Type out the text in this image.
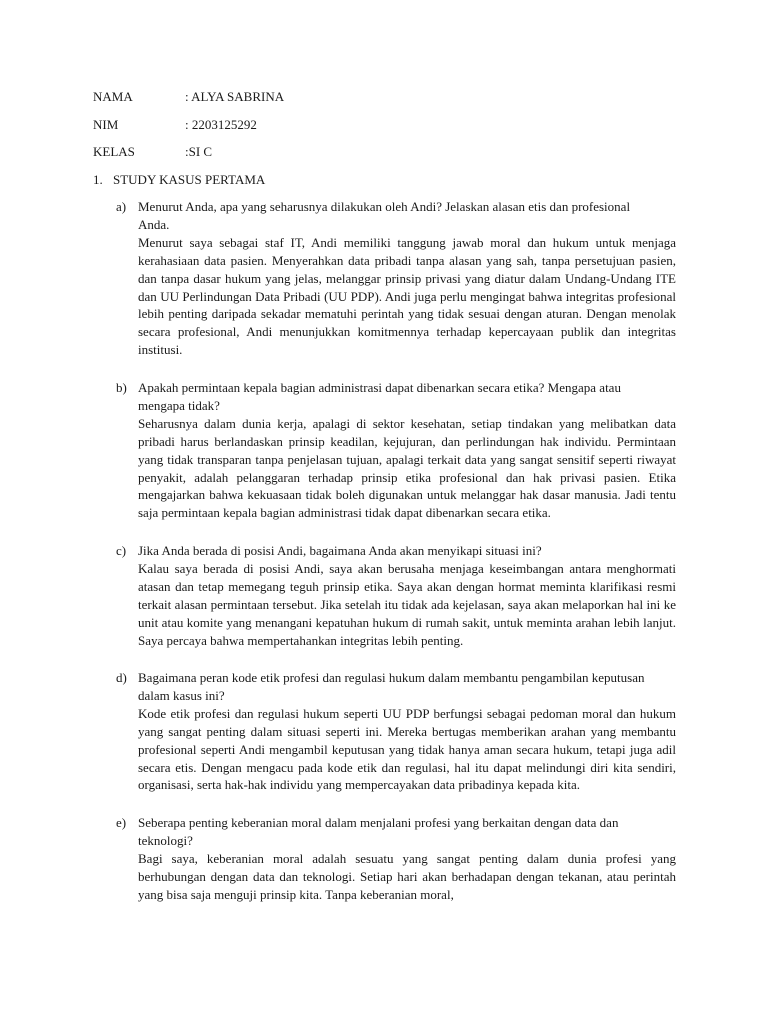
NAMA	: ALYA SABRINA
NIM	: 2203125292
KELAS	:SI C
1. STUDY KASUS PERTAMA
a) Menurut Anda, apa yang seharusnya dilakukan oleh Andi? Jelaskan alasan etis dan profesional Anda.
Menurut saya sebagai staf IT, Andi memiliki tanggung jawab moral dan hukum untuk menjaga kerahasiaan data pasien. Menyerahkan data pribadi tanpa alasan yang sah, tanpa persetujuan pasien, dan tanpa dasar hukum yang jelas, melanggar prinsip privasi yang diatur dalam Undang-Undang ITE dan UU Perlindungan Data Pribadi (UU PDP). Andi juga perlu mengingat bahwa integritas profesional lebih penting daripada sekadar mematuhi perintah yang tidak sesuai dengan aturan. Dengan menolak secara profesional, Andi menunjukkan komitmennya terhadap kepercayaan publik dan integritas institusi.
b) Apakah permintaan kepala bagian administrasi dapat dibenarkan secara etika? Mengapa atau mengapa tidak?
Seharusnya dalam dunia kerja, apalagi di sektor kesehatan, setiap tindakan yang melibatkan data pribadi harus berlandaskan prinsip keadilan, kejujuran, dan perlindungan hak individu. Permintaan yang tidak transparan tanpa penjelasan tujuan, apalagi terkait data yang sangat sensitif seperti riwayat penyakit, adalah pelanggaran terhadap prinsip etika profesional dan hak privasi pasien. Etika mengajarkan bahwa kekuasaan tidak boleh digunakan untuk melanggar hak dasar manusia. Jadi tentu saja permintaan kepala bagian administrasi tidak dapat dibenarkan secara etika.
c) Jika Anda berada di posisi Andi, bagaimana Anda akan menyikapi situasi ini?
Kalau saya berada di posisi Andi, saya akan berusaha menjaga keseimbangan antara menghormati atasan dan tetap memegang teguh prinsip etika. Saya akan dengan hormat meminta klarifikasi resmi terkait alasan permintaan tersebut. Jika setelah itu tidak ada kejelasan, saya akan melaporkan hal ini ke unit atau komite yang menangani kepatuhan hukum di rumah sakit, untuk meminta arahan lebih lanjut. Saya percaya bahwa mempertahankan integritas lebih penting.
d) Bagaimana peran kode etik profesi dan regulasi hukum dalam membantu pengambilan keputusan dalam kasus ini?
Kode etik profesi dan regulasi hukum seperti UU PDP berfungsi sebagai pedoman moral dan hukum yang sangat penting dalam situasi seperti ini. Mereka bertugas memberikan arahan yang membantu profesional seperti Andi mengambil keputusan yang tidak hanya aman secara hukum, tetapi juga adil secara etis. Dengan mengacu pada kode etik dan regulasi, hal itu dapat melindungi diri kita sendiri, organisasi, serta hak-hak individu yang mempercayakan data pribadinya kepada kita.
e) Seberapa penting keberanian moral dalam menjalani profesi yang berkaitan dengan data dan teknologi?
Bagi saya, keberanian moral adalah sesuatu yang sangat penting dalam dunia profesi yang berhubungan dengan data dan teknologi. Setiap hari akan berhadapan dengan tekanan, atau perintah yang bisa saja menguji prinsip kita. Tanpa keberanian moral,
